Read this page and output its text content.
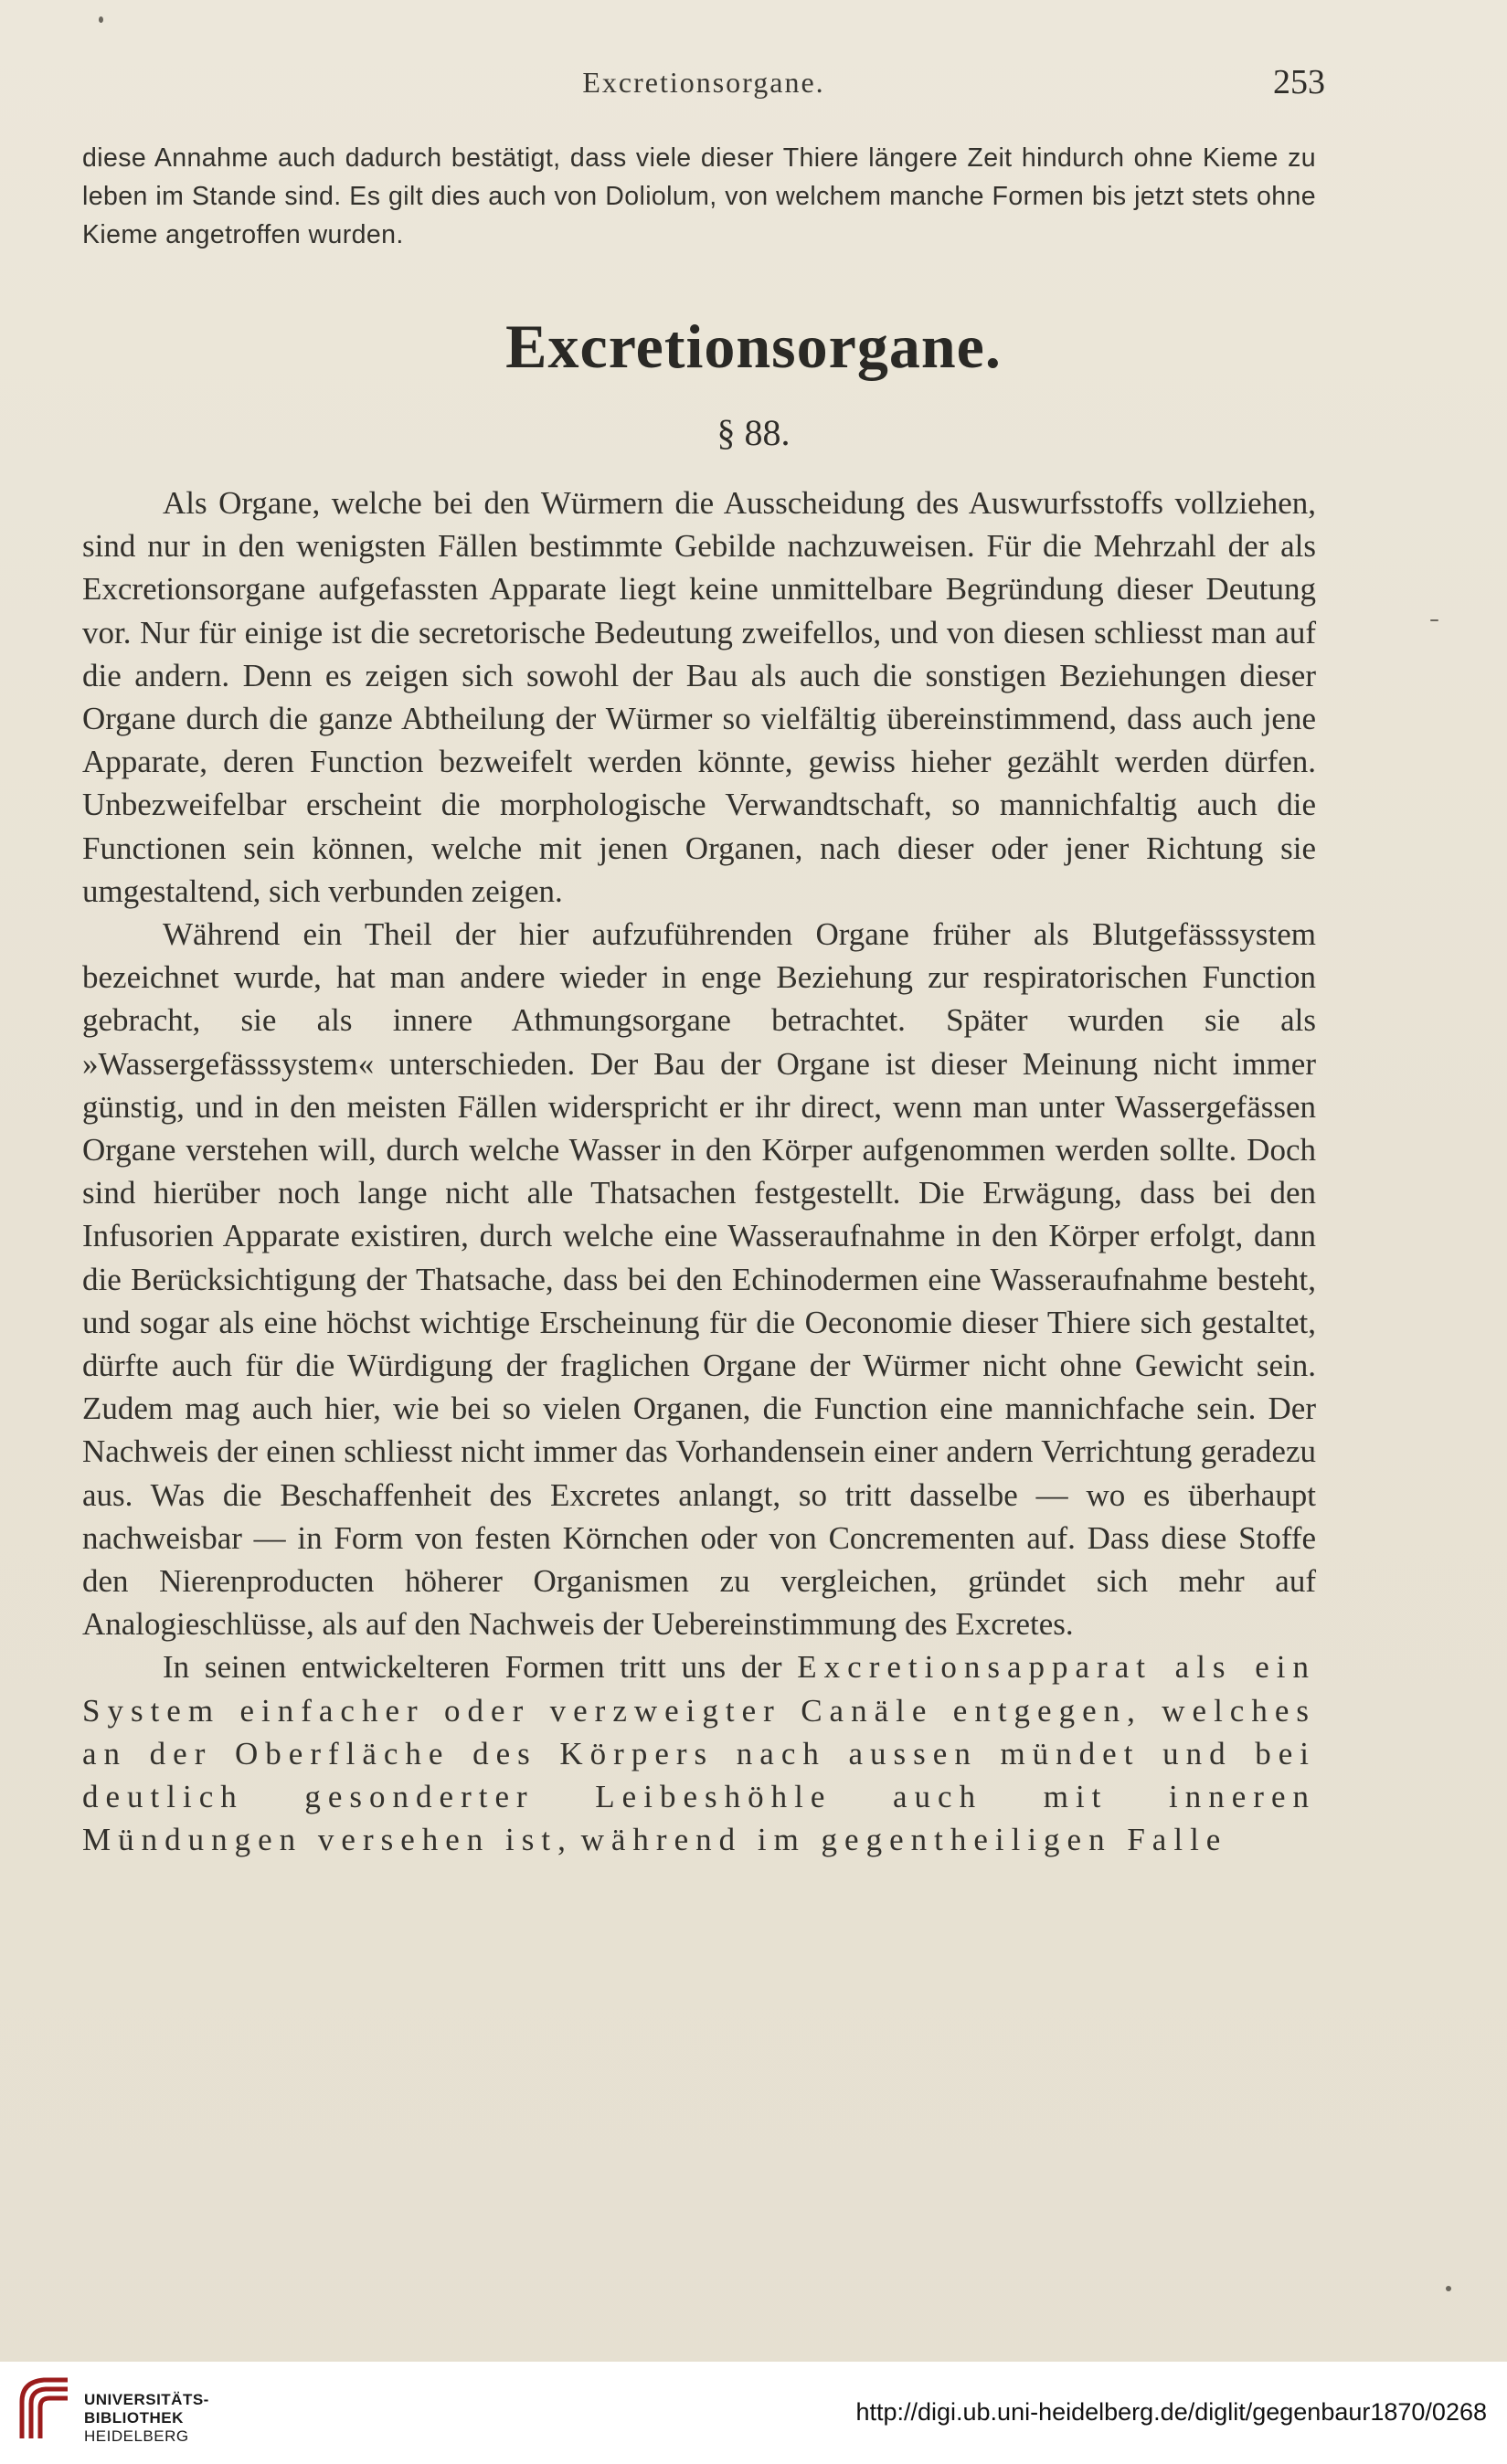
Excretionsorgane.	253
diese Annahme auch dadurch bestätigt, dass viele dieser Thiere längere Zeit hindurch ohne Kieme zu leben im Stande sind. Es gilt dies auch von Doliolum, von welchem manche Formen bis jetzt stets ohne Kieme angetroffen wurden.
Excretionsorgane.
§ 88.

Als Organe, welche bei den Würmern die Ausscheidung des Auswurfsstoffs vollziehen, sind nur in den wenigsten Fällen bestimmte Gebilde nachzuweisen. Für die Mehrzahl der als Excretionsorgane aufgefassten Apparate liegt keine unmittelbare Begründung dieser Deutung vor. Nur für einige ist die secretorische Bedeutung zweifellos, und von diesen schliesst man auf die andern. Denn es zeigen sich sowohl der Bau als auch die sonstigen Beziehungen dieser Organe durch die ganze Abtheilung der Würmer so vielfältig übereinstimmend, dass auch jene Apparate, deren Function bezweifelt werden könnte, gewiss hieher gezählt werden dürfen. Unbezweifelbar erscheint die morphologische Verwandtschaft, so mannichfaltig auch die Functionen sein können, welche mit jenen Organen, nach dieser oder jener Richtung sie umgestaltend, sich verbunden zeigen.

Während ein Theil der hier aufzuführenden Organe früher als Blutgefässsystem bezeichnet wurde, hat man andere wieder in enge Beziehung zur respiratorischen Function gebracht, sie als innere Athmungsorgane betrachtet. Später wurden sie als »Wassergefässsystem« unterschieden. Der Bau der Organe ist dieser Meinung nicht immer günstig, und in den meisten Fällen widerspricht er ihr direct, wenn man unter Wassergefässen Organe verstehen will, durch welche Wasser in den Körper aufgenommen werden sollte. Doch sind hierüber noch lange nicht alle Thatsachen festgestellt. Die Erwägung, dass bei den Infusorien Apparate existiren, durch welche eine Wasseraufnahme in den Körper erfolgt, dann die Berücksichtigung der Thatsache, dass bei den Echinodermen eine Wasseraufnahme besteht, und sogar als eine höchst wichtige Erscheinung für die Oeconomie dieser Thiere sich gestaltet, dürfte auch für die Würdigung der fraglichen Organe der Würmer nicht ohne Gewicht sein. Zudem mag auch hier, wie bei so vielen Organen, die Function eine mannichfache sein. Der Nachweis der einen schliesst nicht immer das Vorhandensein einer andern Verrichtung geradezu aus. Was die Beschaffenheit des Excretes anlangt, so tritt dasselbe — wo es überhaupt nachweisbar — in Form von festen Körnchen oder von Concrementen auf. Dass diese Stoffe den Nierenproducten höherer Organismen zu vergleichen, gründet sich mehr auf Analogieschlüsse, als auf den Nachweis der Uebereinstimmung des Excretes.

In seinen entwickelteren Formen tritt uns der Excretionsapparat als ein System einfacher oder verzweigter Canäle entgegen, welches an der Oberfläche des Körpers nach aussen mündet und bei deutlich gesonderter Leibeshöhle auch mit inneren Mündungen versehen ist, während im gegentheiligen Falle

UNIVERSITÄTS-
BIBLIOTHEK
HEIDELBERG
http://digi.ub.uni-heidelberg.de/diglit/gegenbaur1870/0268
